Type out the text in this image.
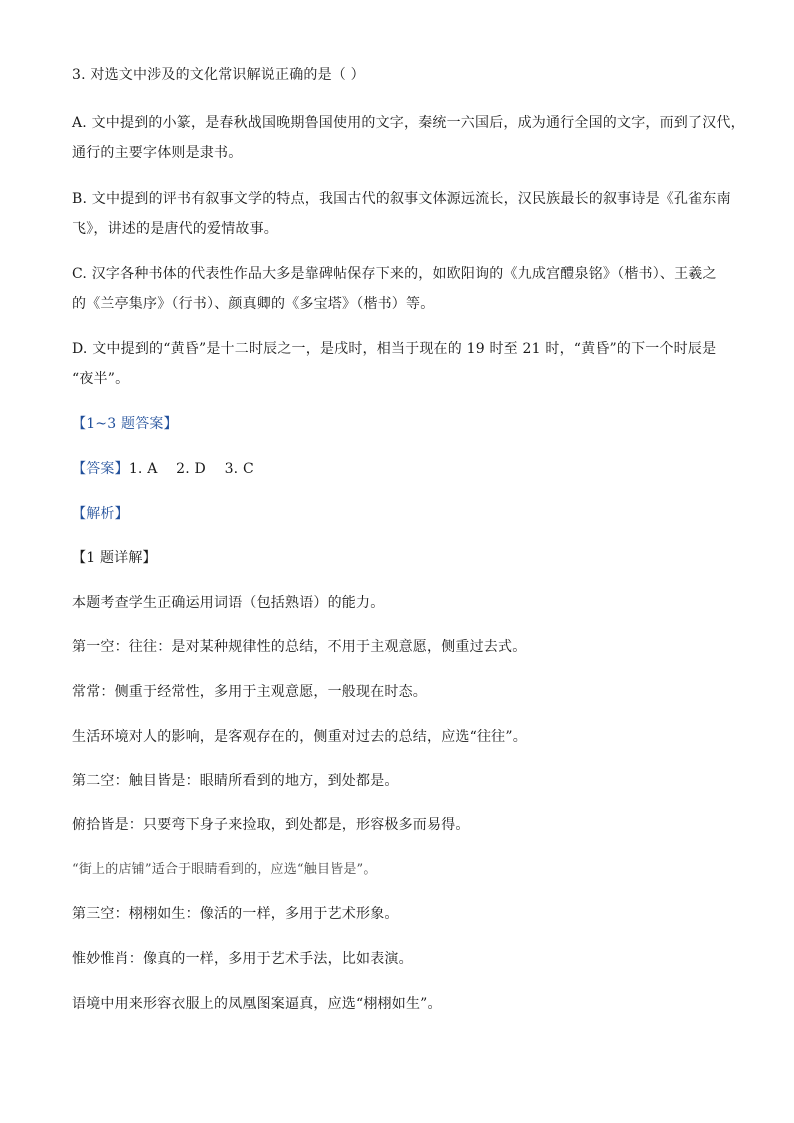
3. 对选文中涉及的文化常识解说正确的是（ ）
A. 文中提到的小篆，是春秋战国晚期鲁国使用的文字，秦统一六国后，成为通行全国的文字，而到了汉代，
通行的主要字体则是隶书。
B. 文中提到的评书有叙事文学的特点，我国古代的叙事文体源远流长，汉民族最长的叙事诗是《孔雀东南
飞》，讲述的是唐代的爱情故事。
C. 汉字各种书体的代表性作品大多是靠碑帖保存下来的，如欧阳询的《九成宫醴泉铭》（楷书）、王羲之
的《兰亭集序》（行书）、颜真卿的《多宝塔》（楷书）等。
D. 文中提到的“黄昏”是十二时辰之一，是戌时，相当于现在的 19 时至 21 时，“黄昏”的下一个时辰是
“夜半”。
【1~3 题答案】
【答案】1. A    2. D    3. C
【解析】
【1 题详解】
本题考查学生正确运用词语（包括熟语）的能力。
第一空：往往：是对某种规律性的总结，不用于主观意愿，侧重过去式。
常常：侧重于经常性，多用于主观意愿，一般现在时态。
生活环境对人的影响，是客观存在的，侧重对过去的总结，应选“往往”。
第二空：触目皆是：眼睛所看到的地方，到处都是。
俯拾皆是：只要弯下身子来捡取，到处都是，形容极多而易得。
“街上的店铺”适合于眼睛看到的，应选“触目皆是”。
第三空：栩栩如生：像活的一样，多用于艺术形象。
惟妙惟肖：像真的一样，多用于艺术手法，比如表演。
语境中用来形容衣服上的凤凰图案逼真，应选“栩栩如生”。
